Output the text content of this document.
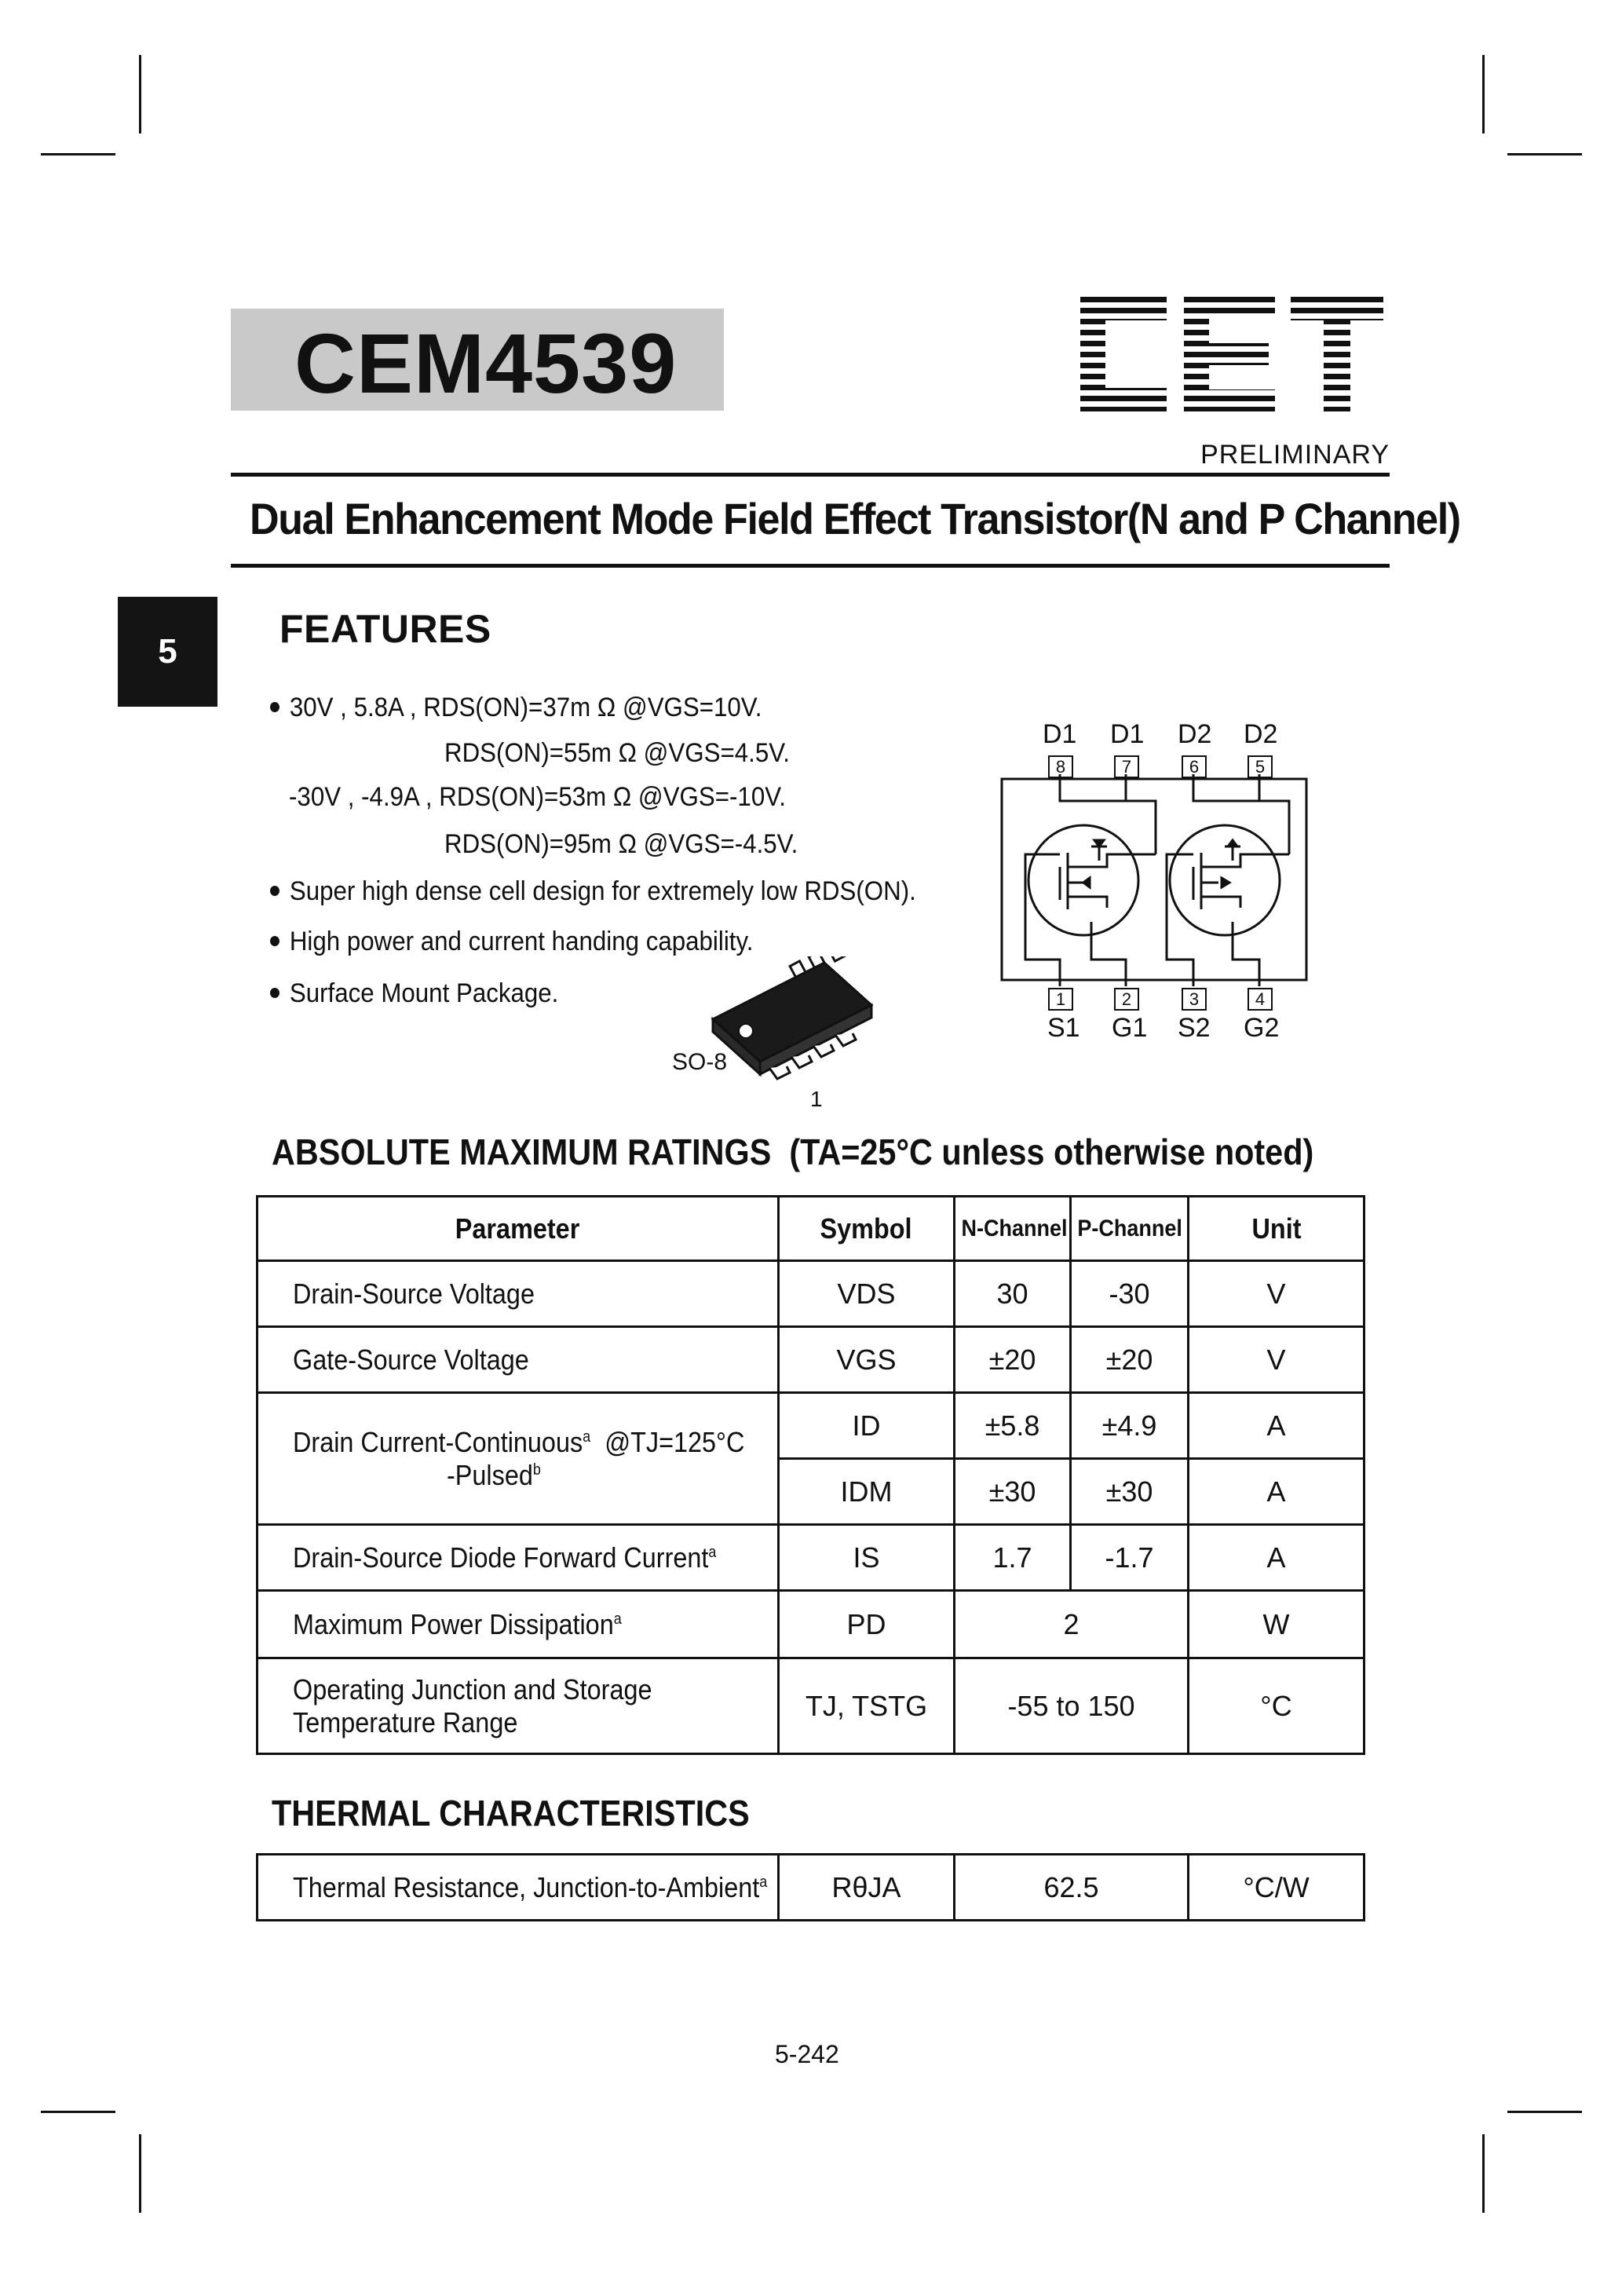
CEM4539
PRELIMINARY
Dual Enhancement Mode Field Effect Transistor(N and P Channel)
5
FEATURES
30V , 5.8A , RDS(ON)=37m Ω @VGS=10V.
RDS(ON)=55m Ω @VGS=4.5V.
-30V , -4.9A , RDS(ON)=53m Ω @VGS=-10V.
RDS(ON)=95m Ω @VGS=-4.5V.
Super high dense cell design for extremely low RDS(ON).
High power and current handing capability.
Surface Mount Package.
SO-8
1
D1 D1 D2 D2
8	7	6	5
1	2	3	4
S1 G1 S2 G2
ABSOLUTE MAXIMUM RATINGS (TA=25°C unless otherwise noted)
Parameter	Symbol	N-Channel	P-Channel	Unit
Drain-Source Voltage	VDS	30	-30	V
Gate-Source Voltage	VGS	±20	±20	V
Drain Current-Continuous$^a$ @TJ=125°C
-Pulsed$^b$	ID	±5.8	±4.9	A
	IDM	±30	±30	A
Drain-Source Diode Forward Current$^a$	IS	1.7	-1.7	A
Maximum Power Dissipation$^a$	PD	2		W
Operating Junction and Storage
Temperature Range	TJ, TSTG	-55 to 150		°C
THERMAL CHARACTERISTICS
Thermal Resistance, Junction-to-Ambient$^a$	RθJA	62.5	°C/W
5-242
